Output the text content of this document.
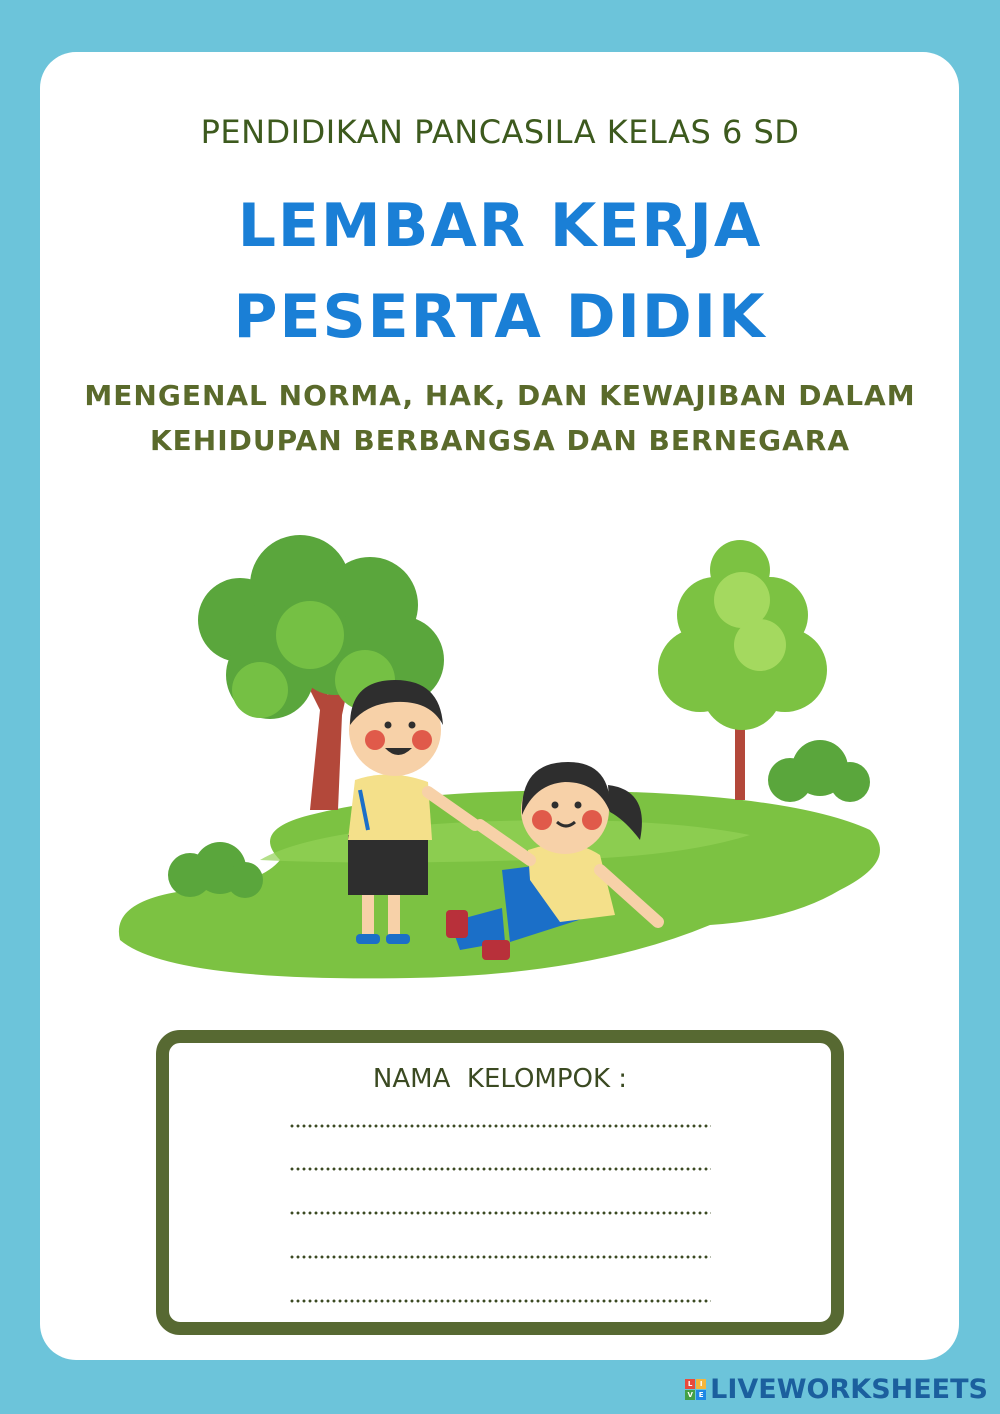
PENDIDIKAN PANCASILA KELAS 6 SD
LEMBAR KERJA
PESERTA DIDIK
MENGENAL NORMA, HAK, DAN KEWAJIBAN DALAM
KEHIDUPAN BERBANGSA DAN BERNEGARA
NAMA  KELOMPOK :
L	I
V E LIVEWORKSHEETS
